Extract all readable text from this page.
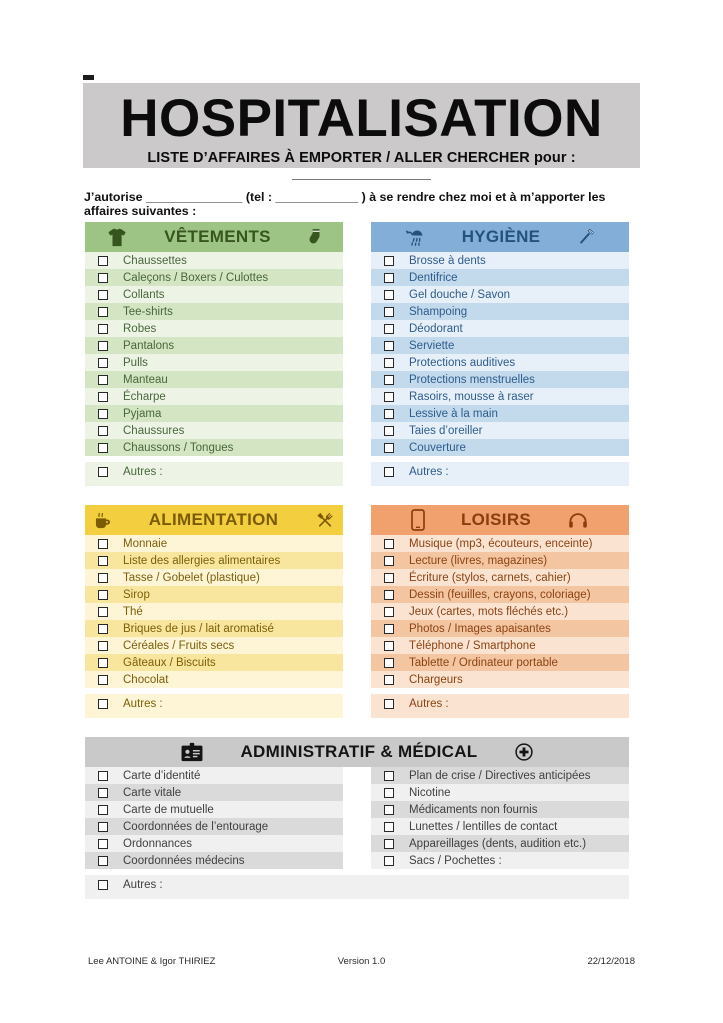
HOSPITALISATION
LISTE D’AFFAIRES À EMPORTER / ALLER CHERCHER pour : _________________
J’autorise ______________ (tel : ____________ ) à se rendre chez moi et à m’apporter les affaires suivantes :
VÊTEMENTS
Chaussettes
Caleçons / Boxers / Culottes
Collants
Tee-shirts
Robes
Pantalons
Pulls
Manteau
Écharpe
Pyjama
Chaussures
Chaussons / Tongues
Autres :
HYGIÈNE
Brosse à dents
Dentifrice
Gel douche / Savon
Shampoing
Déodorant
Serviette
Protections auditives
Protections menstruelles
Rasoirs, mousse à raser
Lessive à la main
Taies d’oreiller
Couverture
Autres :
ALIMENTATION
Monnaie
Liste des allergies alimentaires
Tasse / Gobelet (plastique)
Sirop
Thé
Briques de jus / lait aromatisé
Céréales / Fruits secs
Gâteaux / Biscuits
Chocolat
Autres :
LOISIRS
Musique (mp3, écouteurs, enceinte)
Lecture (livres, magazines)
Écriture (stylos, carnets, cahier)
Dessin (feuilles, crayons, coloriage)
Jeux (cartes, mots fléchés etc.)
Photos / Images apaisantes
Téléphone / Smartphone
Tablette / Ordinateur portable
Chargeurs
Autres :
ADMINISTRATIF & MÉDICAL
Carte d’identité
Carte vitale
Carte de mutuelle
Coordonnées de l’entourage
Ordonnances
Coordonnées médecins
Plan de crise / Directives anticipées
Nicotine
Médicaments non fournis
Lunettes / lentilles de contact
Appareillages (dents, audition etc.)
Sacs / Pochettes :
Autres :
Lee ANTOINE & Igor THIRIEZ	Version 1.0	22/12/2018
